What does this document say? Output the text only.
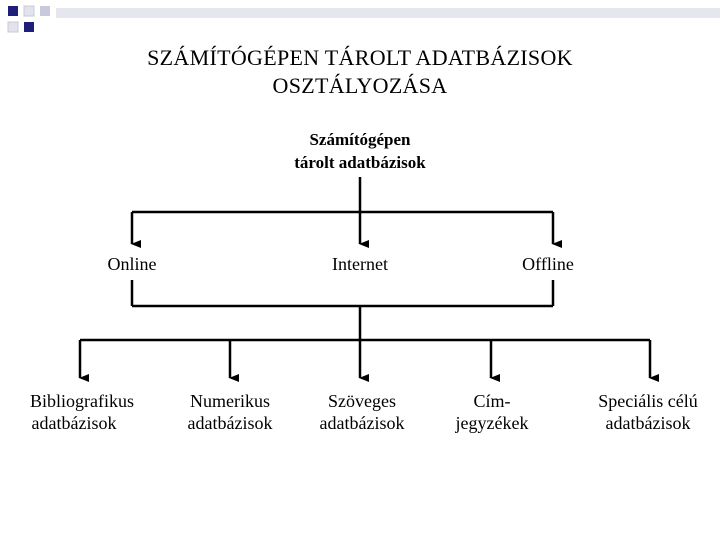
SZÁMÍTÓGÉPEN TÁROLT ADATBÁZISOK
OSZTÁLYOZÁSA
Számítógépen
tárolt adatbázisok
Online	Internet	Offline
Bibliografikus
adatbázisok
Numerikus
adatbázisok
Szöveges
adatbázisok
Cím-
jegyzékek
Speciális célú
adatbázisok
